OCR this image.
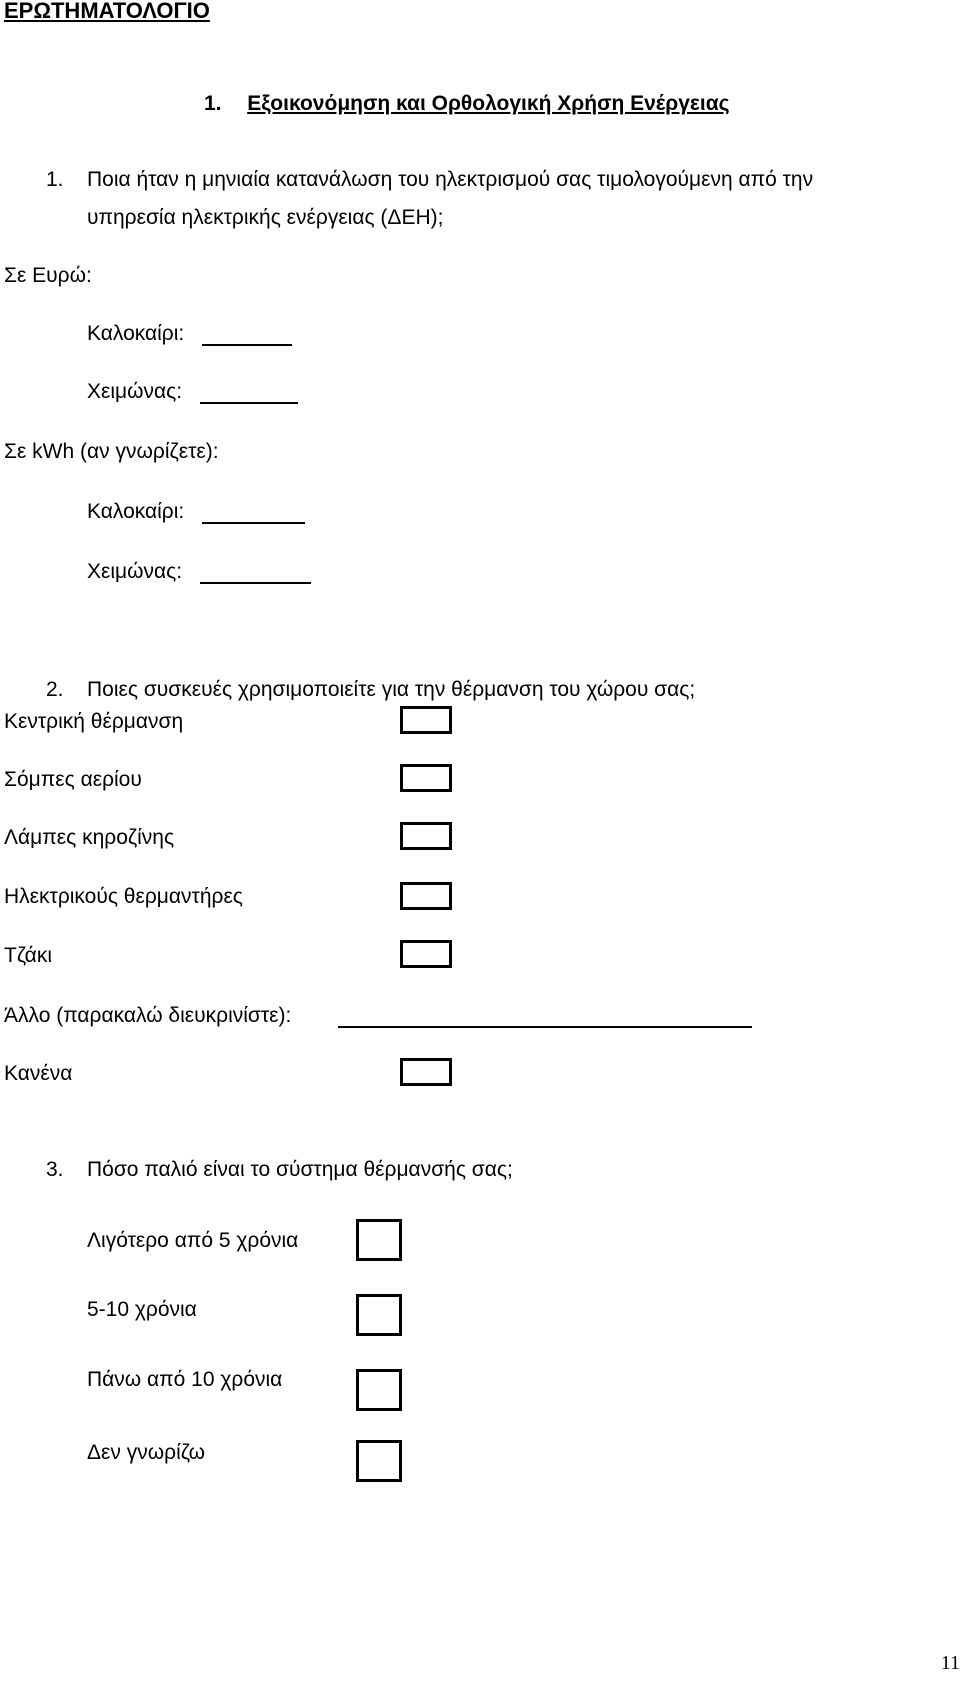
ΕΡΩΤΗΜΑΤΟΛΟΓΙΟ
1. Εξοικονόμηση και Ορθολογική Χρήση Ενέργειας
1. Ποια ήταν η μηνιαία κατανάλωση του ηλεκτρισμού σας τιμολογούμενη από την
υπηρεσία ηλεκτρικής ενέργειας (ΔΕΗ);
Σε Ευρώ:
Καλοκαίρι:
Χειμώνας:
Σε kWh (αν γνωρίζετε):
Καλοκαίρι:
Χειμώνας:
2. Ποιες συσκευές χρησιμοποιείτε για την θέρμανση του χώρου σας;
Κεντρική θέρμανση
Σόμπες αερίου
Λάμπες κηροζίνης
Ηλεκτρικούς θερμαντήρες
Τζάκι
Άλλο (παρακαλώ διευκρινίστε):
Κανένα
3. Πόσο παλιό είναι το σύστημα θέρμανσής σας;
Λιγότερο από 5 χρόνια
5-10 χρόνια
Πάνω από 10 χρόνια
Δεν γνωρίζω
11
